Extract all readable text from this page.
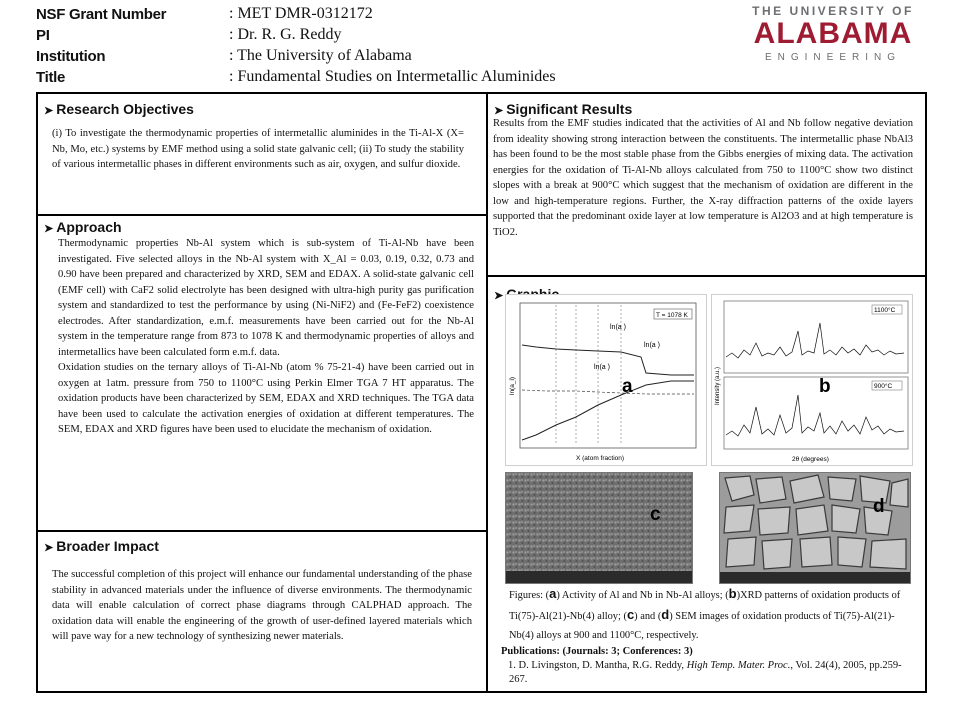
NSF Grant Number	: MET DMR-0312172
PI	: Dr. R. G. Reddy
Institution	: The University of Alabama
Title	: Fundamental Studies on Intermetallic Aluminides
THE UNIVERSITY OF
ALABAMA
ENGINEERING
➤ Research Objectives
(i) To investigate the thermodynamic properties of intermetallic aluminides in the Ti-Al-X (X= Nb, Mo, etc.) systems by EMF method using a solid state galvanic cell; (ii) To study the stability of various intermetallic phases in different environments such as air, oxygen, and sulfur dioxide.
➤ Approach
Thermodynamic properties Nb-Al system which is sub-system of Ti-Al-Nb have been investigated. Five selected alloys in the Nb-Al system with X_Al = 0.03, 0.19, 0.32, 0.73 and 0.90 have been prepared and characterized by XRD, SEM and EDAX. A solid-state galvanic cell (EMF cell) with CaF2 solid electrolyte has been designed with ultra-high purity gas purification system and standardized to test the performance by using (Ni-NiF2) and (Fe-FeF2) coexistence electrodes. After standardization, e.m.f. measurements have been carried out for the Nb-Al system in the temperature range from 873 to 1078 K and thermodynamic properties of alloys and intermetallics have been calculated form e.m.f. data.
Oxidation studies on the ternary alloys of Ti-Al-Nb (atom % 75-21-4) have been carried out in oxygen at 1atm. pressure from 750 to 1100°C using Perkin Elmer TGA 7 HT apparatus. The oxidation products have been characterized by SEM, EDAX and XRD techniques. The TGA data have been used to calculate the activation energies of oxidation at different temperatures. The SEM, EDAX and XRD figures have been used to elucidate the mechanism of oxidation.
➤ Broader Impact
The successful completion of this project will enhance our fundamental understanding of the phase stability in advanced materials under the influence of diverse environments. The thermodynamic data will enable calculation of correct phase diagrams through CALPHAD approach. The oxidation data will enable the engineering of the growth of user-defined layered materials which will pave way for a new technology of synthesizing newer materials.
➤ Significant Results
Results from the EMF studies indicated that the activities of Al and Nb follow negative deviation from ideality showing strong interaction between the constituents. The intermetallic phase NbAl3 has been found to be the most stable phase from the Gibbs energies of mixing data. The activation energies for the oxidation of Ti-Al-Nb alloys calculated from 750 to 1100°C show two distinct slopes with a break at 900°C which suggest that the mechanism of oxidation are different in the low and high-temperature regions. Further, the X-ray diffraction patterns of the oxide layers supported that the predominant oxide layer at low temperature is Al2O3 and at high temperature is TiO2.
➤
T = 1078 K
ln(a )
ln(a )
ln(a )
X (atom fraction)
ln(a_i)	a
1100°C
900°C
2θ (degrees)
Intensity (a.u.)	b
c	d
Figures: (a) Activity of Al and Nb in Nb-Al alloys; (b)XRD patterns of oxidation products of Ti(75)-Al(21)-Nb(4) alloy; (c) and (d) SEM images of oxidation products of Ti(75)-Al(21)-Nb(4) alloys at 900 and 1100°C, respectively.
Publications: (Journals: 3; Conferences: 3)
1. D. Livingston, D. Mantha, R.G. Reddy, High Temp. Mater. Proc., Vol. 24(4), 2005, pp.259-267.
